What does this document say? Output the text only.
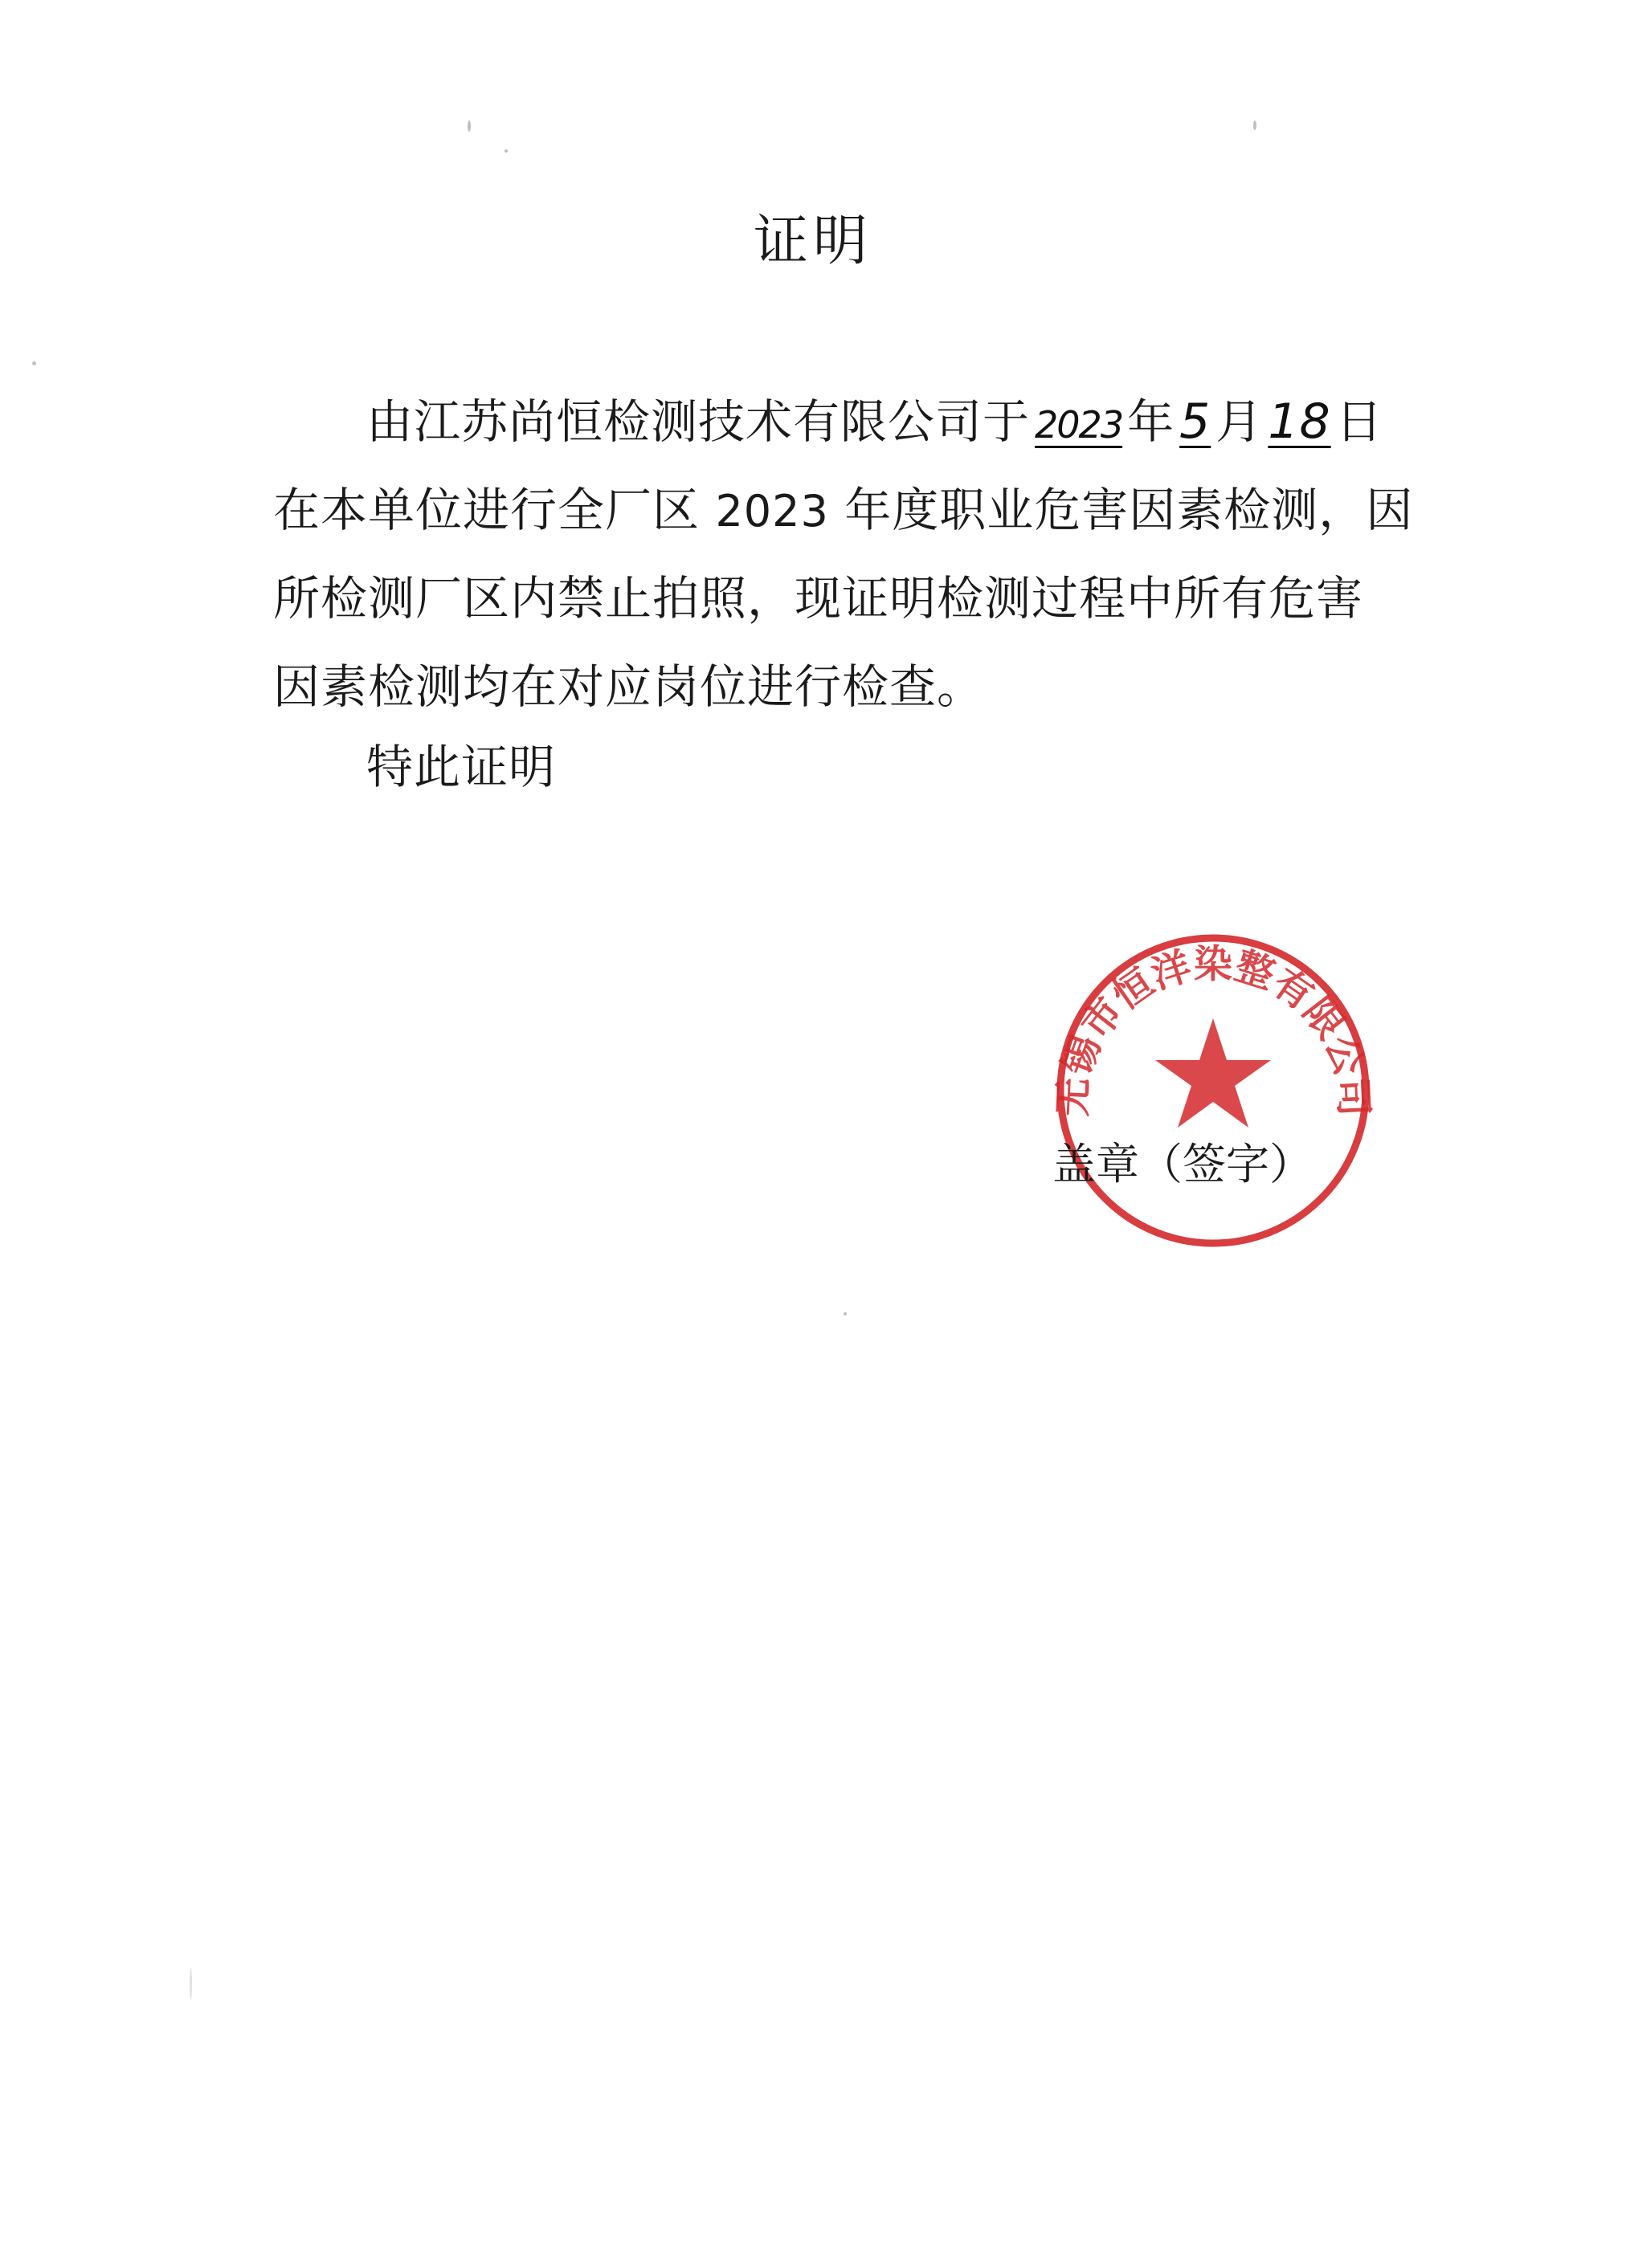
证明
由江苏尚恒检测技术有限公司于 2023 年 5 月 18 日
在本单位进行全厂区 2023 年度职业危害因素检测，因
所检测厂区内禁止拍照，现证明检测过程中所有危害
因素检测均在对应岗位进行检查。
特此证明
无锡市恒洋染整有限公司
盖章（签字）
